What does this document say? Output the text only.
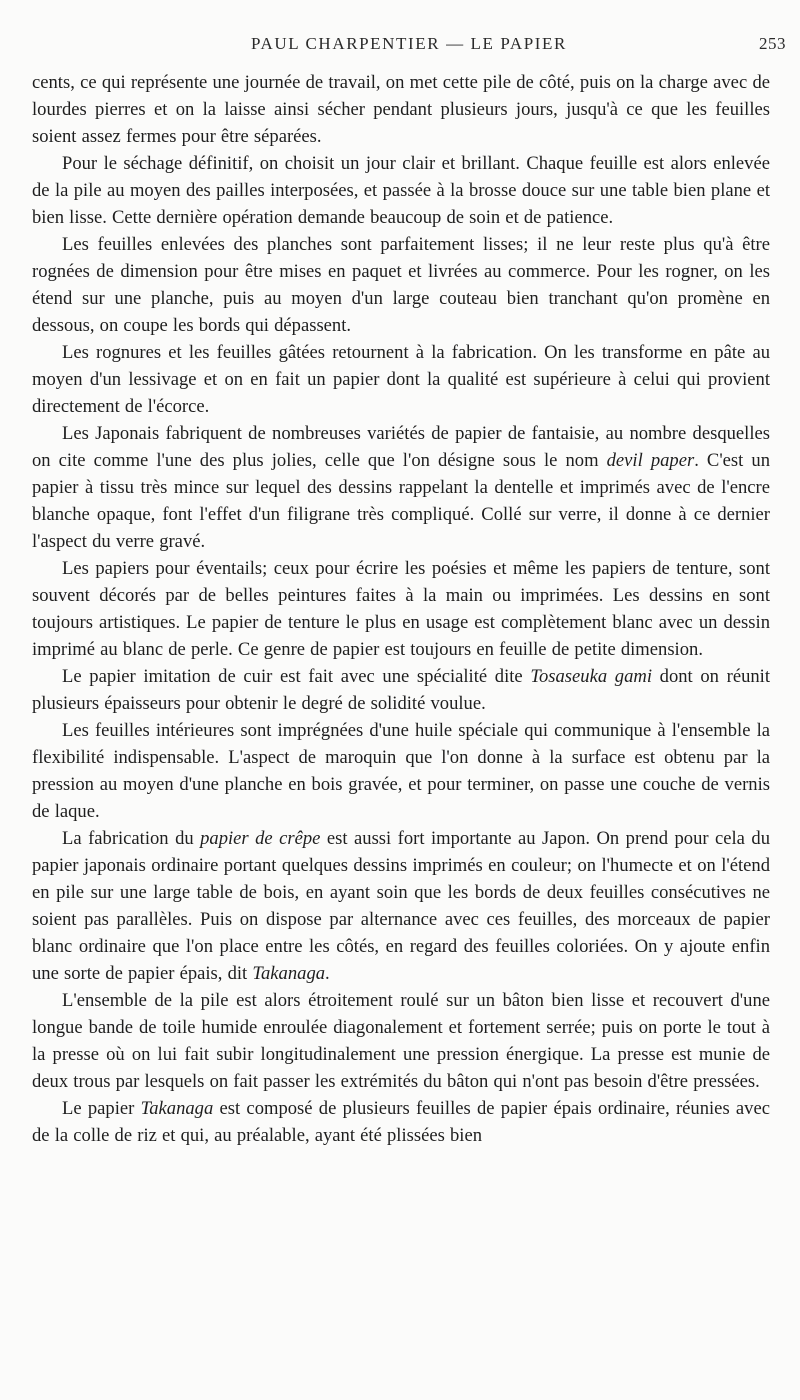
PAUL CHARPENTIER — LE PAPIER	253

cents, ce qui représente une journée de travail, on met cette pile de côté, puis on la charge avec de lourdes pierres et on la laisse ainsi sécher pendant plusieurs jours, jusqu'à ce que les feuilles soient assez fermes pour être séparées.

Pour le séchage définitif, on choisit un jour clair et brillant. Chaque feuille est alors enlevée de la pile au moyen des pailles interposées, et passée à la brosse douce sur une table bien plane et bien lisse. Cette dernière opération demande beaucoup de soin et de patience.

Les feuilles enlevées des planches sont parfaitement lisses; il ne leur reste plus qu'à être rognées de dimension pour être mises en paquet et livrées au commerce. Pour les rogner, on les étend sur une planche, puis au moyen d'un large couteau bien tranchant qu'on promène en dessous, on coupe les bords qui dépassent.

Les rognures et les feuilles gâtées retournent à la fabrication. On les transforme en pâte au moyen d'un lessivage et on en fait un papier dont la qualité est supérieure à celui qui provient directement de l'écorce.

Les Japonais fabriquent de nombreuses variétés de papier de fantaisie, au nombre desquelles on cite comme l'une des plus jolies, celle que l'on désigne sous le nom devil paper. C'est un papier à tissu très mince sur lequel des dessins rappelant la dentelle et imprimés avec de l'encre blanche opaque, font l'effet d'un filigrane très compliqué. Collé sur verre, il donne à ce dernier l'aspect du verre gravé.

Les papiers pour éventails; ceux pour écrire les poésies et même les papiers de tenture, sont souvent décorés par de belles peintures faites à la main ou imprimées. Les dessins en sont toujours artistiques. Le papier de tenture le plus en usage est complètement blanc avec un dessin imprimé au blanc de perle. Ce genre de papier est toujours en feuille de petite dimension.

Le papier imitation de cuir est fait avec une spécialité dite Tosaseuka gami dont on réunit plusieurs épaisseurs pour obtenir le degré de solidité voulue.

Les feuilles intérieures sont imprégnées d'une huile spéciale qui communique à l'ensemble la flexibilité indispensable. L'aspect de maroquin que l'on donne à la surface est obtenu par la pression au moyen d'une planche en bois gravée, et pour terminer, on passe une couche de vernis de laque.

La fabrication du papier de crêpe est aussi fort importante au Japon. On prend pour cela du papier japonais ordinaire portant quelques dessins imprimés en couleur; on l'humecte et on l'étend en pile sur une large table de bois, en ayant soin que les bords de deux feuilles consécutives ne soient pas parallèles. Puis on dispose par alternance avec ces feuilles, des morceaux de papier blanc ordinaire que l'on place entre les côtés, en regard des feuilles coloriées. On y ajoute enfin une sorte de papier épais, dit Takanaga.

L'ensemble de la pile est alors étroitement roulé sur un bâton bien lisse et recouvert d'une longue bande de toile humide enroulée diagonalement et fortement serrée; puis on porte le tout à la presse où on lui fait subir longitudinalement une pression énergique. La presse est munie de deux trous par lesquels on fait passer les extrémités du bâton qui n'ont pas besoin d'être pressées.

Le papier Takanaga est composé de plusieurs feuilles de papier épais ordinaire, réunies avec de la colle de riz et qui, au préalable, ayant été plissées bien
